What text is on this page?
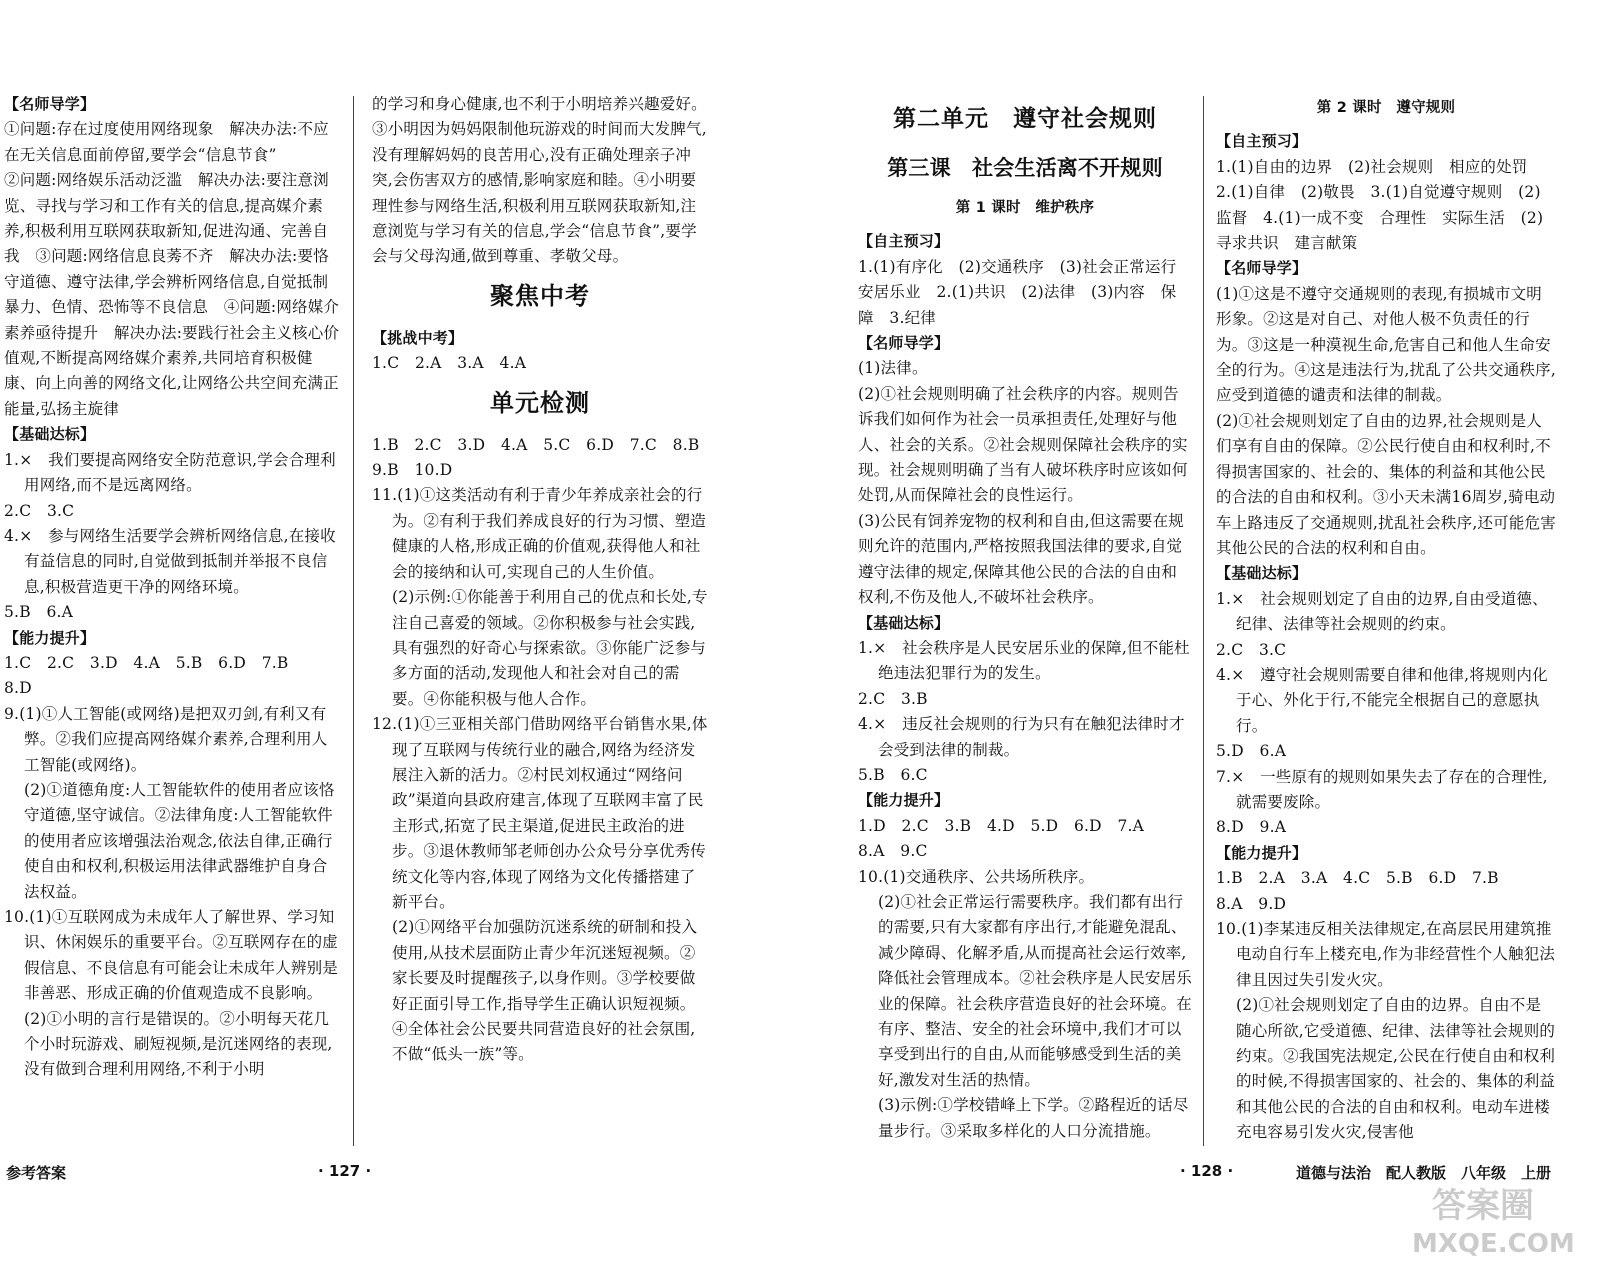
【名师导学】

①问题:存在过度使用网络现象　解决办法:不应在无关信息面前停留,要学会“信息节食”

②问题:网络娱乐活动泛滥　解决办法:要注意浏览、寻找与学习和工作有关的信息,提高媒介素养,积极利用互联网获取新知,促进沟通、完善自我　③问题:网络信息良莠不齐　解决办法:要恪守道德、遵守法律,学会辨析网络信息,自觉抵制暴力、色情、恐怖等不良信息　④问题:网络媒介素养亟待提升　解决办法:要践行社会主义核心价值观,不断提高网络媒介素养,共同培育积极健康、向上向善的网络文化,让网络公共空间充满正能量,弘扬主旋律

【基础达标】

1.×　我们要提高网络安全防范意识,学会合理利用网络,而不是远离网络。

2.C　3.C

4.×　参与网络生活要学会辨析网络信息,在接收有益信息的同时,自觉做到抵制并举报不良信息,积极营造更干净的网络环境。

5.B　6.A

【能力提升】

1.C　2.C　3.D　4.A　5.B　6.D　7.B

8.D

9.(1)①人工智能(或网络)是把双刃剑,有利又有弊。②我们应提高网络媒介素养,合理利用人工智能(或网络)。

(2)①道德角度:人工智能软件的使用者应该恪守道德,坚守诚信。②法律角度:人工智能软件的使用者应该增强法治观念,依法自律,正确行使自由和权利,积极运用法律武器维护自身合法权益。

10.(1)①互联网成为未成年人了解世界、学习知识、休闲娱乐的重要平台。②互联网存在的虚假信息、不良信息有可能会让未成年人辨别是非善恶、形成正确的价值观造成不良影响。

(2)①小明的言行是错误的。②小明每天花几个小时玩游戏、刷短视频,是沉迷网络的表现,没有做到合理利用网络,不利于小明

的学习和身心健康,也不利于小明培养兴趣爱好。③小明因为妈妈限制他玩游戏的时间而大发脾气,没有理解妈妈的良苦用心,没有正确处理亲子冲突,会伤害双方的感情,影响家庭和睦。④小明要理性参与网络生活,积极利用互联网获取新知,注意浏览与学习有关的信息,学会“信息节食”,要学会与父母沟通,做到尊重、孝敬父母。

聚焦中考

【挑战中考】

1.C　2.A　3.A　4.A

单元检测

1.B　2.C　3.D　4.A　5.C　6.D　7.C　8.B

9.B　10.D

11.(1)①这类活动有利于青少年养成亲社会的行为。②有利于我们养成良好的行为习惯、塑造健康的人格,形成正确的价值观,获得他人和社会的接纳和认可,实现自己的人生价值。

(2)示例:①你能善于利用自己的优点和长处,专注自己喜爱的领域。②你积极参与社会实践,具有强烈的好奇心与探索欲。③你能广泛参与多方面的活动,发现他人和社会对自己的需要。④你能积极与他人合作。

12.(1)①三亚相关部门借助网络平台销售水果,体现了互联网与传统行业的融合,网络为经济发展注入新的活力。②村民刘权通过“网络问政”渠道向县政府建言,体现了互联网丰富了民主形式,拓宽了民主渠道,促进民主政治的进步。③退休教师邹老师创办公众号分享优秀传统文化等内容,体现了网络为文化传播搭建了新平台。

(2)①网络平台加强防沉迷系统的研制和投入使用,从技术层面防止青少年沉迷短视频。②家长要及时提醒孩子,以身作则。③学校要做好正面引导工作,指导学生正确认识短视频。④全体社会公民要共同营造良好的社会氛围,不做“低头一族”等。

第二单元　遵守社会规则

第三课　社会生活离不开规则

第 1 课时　维护秩序

【自主预习】

1.(1)有序化　(2)交通秩序　(3)社会正常运行　安居乐业　2.(1)共识　(2)法律　(3)内容　保障　3.纪律

【名师导学】

(1)法律。

(2)①社会规则明确了社会秩序的内容。规则告诉我们如何作为社会一员承担责任,处理好与他人、社会的关系。②社会规则保障社会秩序的实现。社会规则明确了当有人破坏秩序时应该如何处罚,从而保障社会的良性运行。

(3)公民有饲养宠物的权利和自由,但这需要在规则允许的范围内,严格按照我国法律的要求,自觉遵守法律的规定,保障其他公民的合法的自由和权利,不伤及他人,不破坏社会秩序。

【基础达标】

1.×　社会秩序是人民安居乐业的保障,但不能杜绝违法犯罪行为的发生。

2.C　3.B

4.×　违反社会规则的行为只有在触犯法律时才会受到法律的制裁。

5.B　6.C

【能力提升】

1.D　2.C　3.B　4.D　5.D　6.D　7.A

8.A　9.C

10.(1)交通秩序、公共场所秩序。

(2)①社会正常运行需要秩序。我们都有出行的需要,只有大家都有序出行,才能避免混乱、减少障碍、化解矛盾,从而提高社会运行效率,降低社会管理成本。②社会秩序是人民安居乐业的保障。社会秩序营造良好的社会环境。在有序、整洁、安全的社会环境中,我们才可以享受到出行的自由,从而能够感受到生活的美好,激发对生活的热情。

(3)示例:①学校错峰上下学。②路程近的话尽量步行。③采取多样化的人口分流措施。

第 2 课时　遵守规则

【自主预习】

1.(1)自由的边界　(2)社会规则　相应的处罚　2.(1)自律　(2)敬畏　3.(1)自觉遵守规则　(2)监督　4.(1)一成不变　合理性　实际生活　(2)寻求共识　建言献策

【名师导学】

(1)①这是不遵守交通规则的表现,有损城市文明形象。②这是对自己、对他人极不负责任的行为。③这是一种漠视生命,危害自己和他人生命安全的行为。④这是违法行为,扰乱了公共交通秩序,应受到道德的谴责和法律的制裁。

(2)①社会规则划定了自由的边界,社会规则是人们享有自由的保障。②公民行使自由和权利时,不得损害国家的、社会的、集体的利益和其他公民的合法的自由和权利。③小天未满16周岁,骑电动车上路违反了交通规则,扰乱社会秩序,还可能危害其他公民的合法的权利和自由。

【基础达标】

1.×　社会规则划定了自由的边界,自由受道德、纪律、法律等社会规则的约束。

2.C　3.C

4.×　遵守社会规则需要自律和他律,将规则内化于心、外化于行,不能完全根据自己的意愿执行。

5.D　6.A

7.×　一些原有的规则如果失去了存在的合理性,就需要废除。

8.D　9.A

【能力提升】

1.B　2.A　3.A　4.C　5.B　6.D　7.B

8.A　9.D

10.(1)李某违反相关法律规定,在高层民用建筑推电动自行车上楼充电,作为非经营性个人触犯法律且因过失引发火灾。

(2)①社会规则划定了自由的边界。自由不是随心所欲,它受道德、纪律、法律等社会规则的约束。②我国宪法规定,公民在行使自由和权利的时候,不得损害国家的、社会的、集体的利益和其他公民的合法的自由和权利。电动车进楼充电容易引发火灾,侵害他

参考答案	· 127 ·	· 128 ·	道德与法治　配人教版　八年级　上册
答案圈
MXQE.COM
